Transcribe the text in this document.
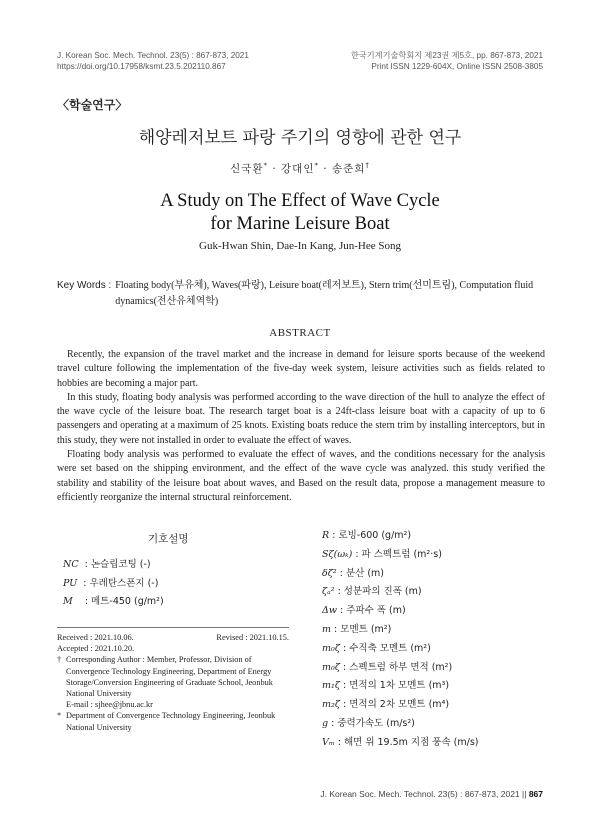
J. Korean Soc. Mech. Technol. 23(5) : 867-873, 2021
https://doi.org/10.17958/ksmt.23.5.202110.867
한국기계기술학회지 제23권 제5호, pp. 867-873, 2021
Print ISSN 1229-604X, Online ISSN 2508-3805
〈학술연구〉
해양레저보트 파랑 주기의 영향에 관한 연구
신국환* · 강대인* · 송준희†
A Study on The Effect of Wave Cycle
for Marine Leisure Boat
Guk-Hwan Shin, Dae-In Kang, Jun-Hee Song
Key Words : Floating body(부유체), Waves(파랑), Leisure boat(레저보트), Stern trim(선미트림), Computation fluid dynamics(전산유체역학)
ABSTRACT

Recently, the expansion of the travel market and the increase in demand for leisure sports because of the weekend travel culture following the implementation of the five-day week system, leisure activities such as fields related to hobbies are becoming a major part.

In this study, floating body analysis was performed according to the wave direction of the hull to analyze the effect of the wave cycle of the leisure boat. The research target boat is a 24ft-class leisure boat with a capacity of up to 6 passengers and operating at a maximum of 25 knots. Existing boats reduce the stern trim by installing interceptors, but in this study, they were not installed in order to evaluate the effect of waves.

Floating body analysis was performed to evaluate the effect of waves, and the conditions necessary for the analysis were set based on the shipping environment, and the effect of the wave cycle was analyzed. this study verified the stability and stability of the leisure boat about waves, and Based on the result data, propose a management measure to efficiently reorganize the internal structural reinforcement.

기호설명
NC : 논슬립코팅 (-)
PU : 우레탄스폰지 (-)
M : 메트-450 (g/m²)
R : 로빙-600 (g/m²)
Sζ(ωₖ) : 파 스펙트럼 (m²·s)
δζ² : 분산 (m)
ζₐ² : 성분파의 진폭 (m)
Δw : 주파수 폭 (m)
m : 모멘트 (m²)
m₀ζ : 수직축 모멘트 (m²)
m₀ζ : 스펙트럼 하부 면적 (m²)
m₁ζ : 면적의 1차 모멘트 (m³)
m₂ζ : 면적의 2차 모멘트 (m⁴)
g : 중력가속도 (m/s²)
Vₘ : 해면 위 19.5m 지점 풍속 (m/s)
Received : 2021.10.06.	Revised : 2021.10.15.
Accepted : 2021.10.20.
† Corresponding Author : Member, Professor, Division of Convergence Technology Engineering, Department of Energy Storage/Conversion Engineering of Graduate School, Jeonbuk National University
E-mail : sjhee@jbnu.ac.kr
* Department of Convergence Technology Engineering, Jeonbuk National University
J. Korean Soc. Mech. Technol. 23(5) : 867-873, 2021 || 867
